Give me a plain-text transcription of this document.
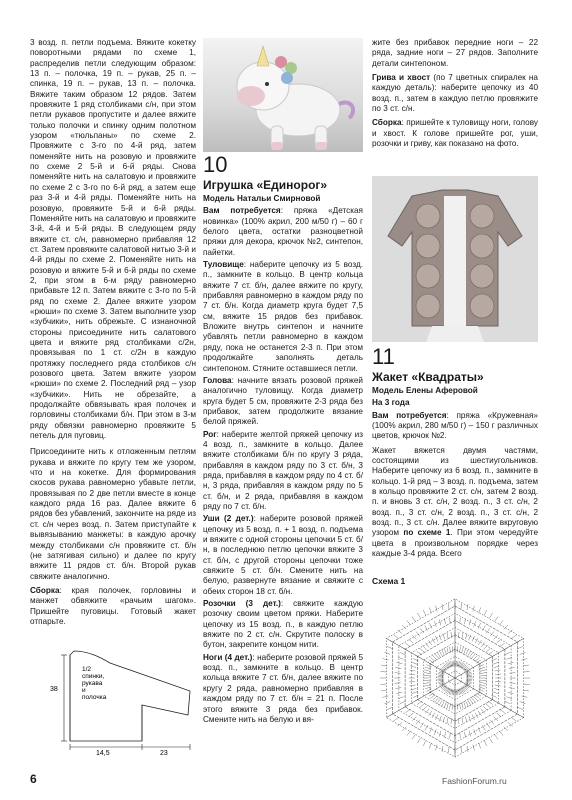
3 возд. п. петли подъема. Вяжите кокетку поворотными рядами по схеме 1, распределив петли следующим образом: 13 п. – полочка, 19 п. – рукав, 25 п. – спинка, 19 п. – рукав, 13 п. – полочка. Вяжите таким образом 12 рядов. Затем провяжите 1 ряд столбиками с/н, при этом петли рукавов пропустите и далее вяжите только полочки и спинку одним полотном узором «тюльпаны» по схеме 2. Провяжите с 3-го по 4-й ряд, затем поменяйте нить на розовую и провяжите по схеме 2 5-й и 6-й ряды. Снова поменяйте нить на салатовую и провяжите по схеме 2 с 3-го по 6-й ряд, а затем еще раз 3-й и 4-й ряды. Поменяйте нить на розовую, провяжите 5-й и 6-й ряды. Поменяйте нить на салатовую и провяжите 3-й, 4-й и 5-й ряды. В следующем ряду вяжите ст. с/н, равномерно прибавляя 12 ст. Затем провяжите салатовой нитью 3-й и 4-й ряды по схеме 2. Поменяйте нить на розовую и вяжите 5-й и 6-й ряды по схеме 2, при этом в 6-м ряду равномерно прибавьте 12 п. Затем вяжите с 3-го по 5-й ряд по схеме 2. Далее вяжите узором «рюши» по схеме 3. Затем выполните узор «зубчики», нить обрежьте. С изнаночной стороны присоедините нить салатового цвета и вяжите ряд столбиками с/2н, провязывая по 1 ст. с/2н в каждую протяжку последнего ряда столбиков с/н розового цвета. Затем вяжите узором «рюши» по схеме 2. Последний ряд – узор «зубчики». Нить не обрезайте, а продолжайте обвязывать края полочек и горловины столбиками б/н. При этом в 3-м ряду обвязки равномерно провяжите 5 петель для пуговиц.

Присоедините нить к отложенным петлям рукава и вяжите по кругу тем же узором, что и на кокетке. Для формирования скосов рукава равномерно убавьте петли, провязывая по 2 две петли вместе в конце каждого ряда 16 раз. Далее вяжите 6 рядов без убавлений, закончите на ряде из ст. с/н через возд. п. Затем приступайте к вывязыванию манжеты: в каждую арочку между столбиками с/н провяжите ст. б/н (не затягивая сильно) и далее по кругу вяжите 11 рядов ст. б/н. Второй рукав свяжите аналогично.

Сборка: края полочек, горловины и манжет обвяжите «рачьим шагом». Пришейте пуговицы. Готовый жакет отпарьте.

38
14,5	23
1/2
спинки,
рукава
и
полочка

10

Игрушка «Единорог»

Модель Натальи Смирновой

Вам потребуется: пряжа «Детская новинка» (100% акрил, 200 м/50 г) – 60 г белого цвета, остатки разноцветной пряжи для декора, крючок №2, синтепон, пайетки.

Туловище: наберите цепочку из 5 возд. п., замкните в кольцо. В центр кольца вяжите 7 ст. б/н, далее вяжите по кругу, прибавляя равномерно в каждом ряду по 7 ст. б/н. Когда диаметр круга будет 7,5 см, вяжите 15 рядов без прибавок. Вложите внутрь синтепон и начните убавлять петли равномерно в каждом ряду, пока не останется 2-3 п. При этом продолжайте заполнять деталь синтепоном. Стяните оставшиеся петли.

Голова: начните вязать розовой пряжей аналогично туловищу. Когда диаметр круга будет 5 см, провяжите 2-3 ряда без прибавок, затем продолжите вязание белой пряжей.

Рог: наберите желтой пряжей цепочку из 4 возд. п., замкните в кольцо. Далее вяжите столбиками б/н по кругу 3 ряда, прибавляя в каждом ряду по 3 ст. б/н, 3 ряда, прибавляя в каждом ряду по 4 ст. б/н, 3 ряда, прибавляя в каждом ряду по 5 ст. б/н, и 2 ряда, прибавляя в каждом ряду по 7 ст. б/н.

Уши (2 дет.): наберите розовой пряжей цепочку из 5 возд. п. + 1 возд. п. подъема и вяжите с одной стороны цепочки 5 ст. б/н, в последнюю петлю цепочки вяжите 3 ст. б/н, с другой стороны цепочки тоже свяжите 5 ст. б/н. Смените нить на белую, развернуте вязание и свяжите с обеих сторон 18 ст. б/н.

Розочки (3 дет.): свяжите каждую розочку своим цветом пряжи. Наберите цепочку из 15 возд. п., в каждую петлю вяжите по 2 ст. с/н. Скрутите полоску в бутон, закрепите концом нити.

Ноги (4 дет.): наберите розовой пряжей 5 возд. п., замкните в кольцо. В центр кольца вяжите 7 ст. б/н, далее вяжите по кругу 2 ряда, равномерно прибавляя в каждом ряду по 7 ст. б/н = 21 п. После этого вяжите 3 ряда без прибавок. Смените нить на белую и вя-

жите без прибавок передние ноги – 22 ряда, задние ноги – 27 рядов. Заполните детали синтепоном.

Грива и хвост (по 7 цветных спиралек на каждую деталь): наберите цепочку из 40 возд. п., затем в каждую петлю провяжите по 3 ст. с/н.

Сборка: пришейте к туловищу ноги, голову и хвост. К голове пришейте рог, уши, розочки и гриву, как показано на фото.

11

Жакет «Квадраты»

Модель Елены Аферовой

На 3 года

Вам потребуется: пряжа «Кружевная» (100% акрил, 280 м/50 г) – 150 г различных цветов, крючок №2.

Жакет вяжется двумя частями, состоящими из шестиугольников. Наберите цепочку из 6 возд. п., замкните в кольцо. 1-й ряд – 3 возд. п. подъема, затем в кольцо провяжите 2 ст. с/н, затем 2 возд. п. и вновь 3 ст. с/н, 2 возд. п., 3 ст. с/н, 2 возд. п., 3 ст. с/н, 2 возд. п., 3 ст. с/н, 2 возд. п., 3 ст. с/н. Далее вяжите вкруговую узором по схеме 1. При этом чередуйте цвета в произвольном порядке через каждые 3-4 ряда. Всего

Схема 1
6	FashionForum.ru
